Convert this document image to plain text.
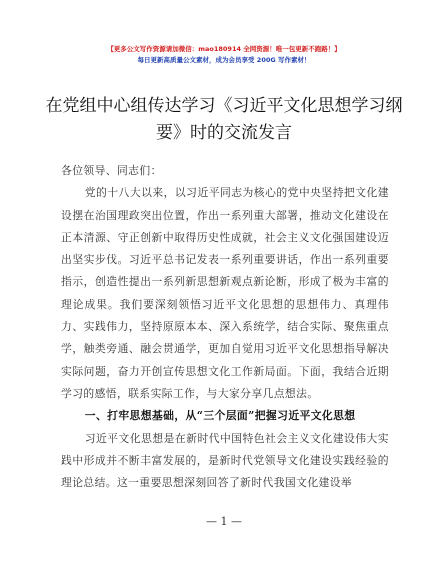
【更多公文写作资源请加微信：mao180914 全网资源！唯一包更新不跑路！】
每日更新高质量公文素材，成为会员享受 200G 写作素材！
在党组中心组传达学习《习近平文化思想学习纲要》时的交流发言

各位领导、同志们：

党的十八大以来，以习近平同志为核心的党中央坚持把文化建设摆在治国理政突出位置，作出一系列重大部署，推动文化建设在正本清源、守正创新中取得历史性成就，社会主义文化强国建设迈出坚实步伐。习近平总书记发表一系列重要讲话，作出一系列重要指示，创造性提出一系列新思想新观点新论断，形成了极为丰富的理论成果。我们要深刻领悟习近平文化思想的思想伟力、真理伟力、实践伟力，坚持原原本本、深入系统学，结合实际、聚焦重点学，触类旁通、融会贯通学，更加自觉用习近平文化思想指导解决实际问题，奋力开创宣传思想文化工作新局面。下面，我结合近期学习的感悟，联系实际工作，与大家分享几点想法。

一、打牢思想基础，从“三个层面”把握习近平文化思想

习近平文化思想是在新时代中国特色社会主义文化建设伟大实践中形成并不断丰富发展的，是新时代党领导文化建设实践经验的理论总结。这一重要思想深刻回答了新时代我国文化建设举

— 1 —
